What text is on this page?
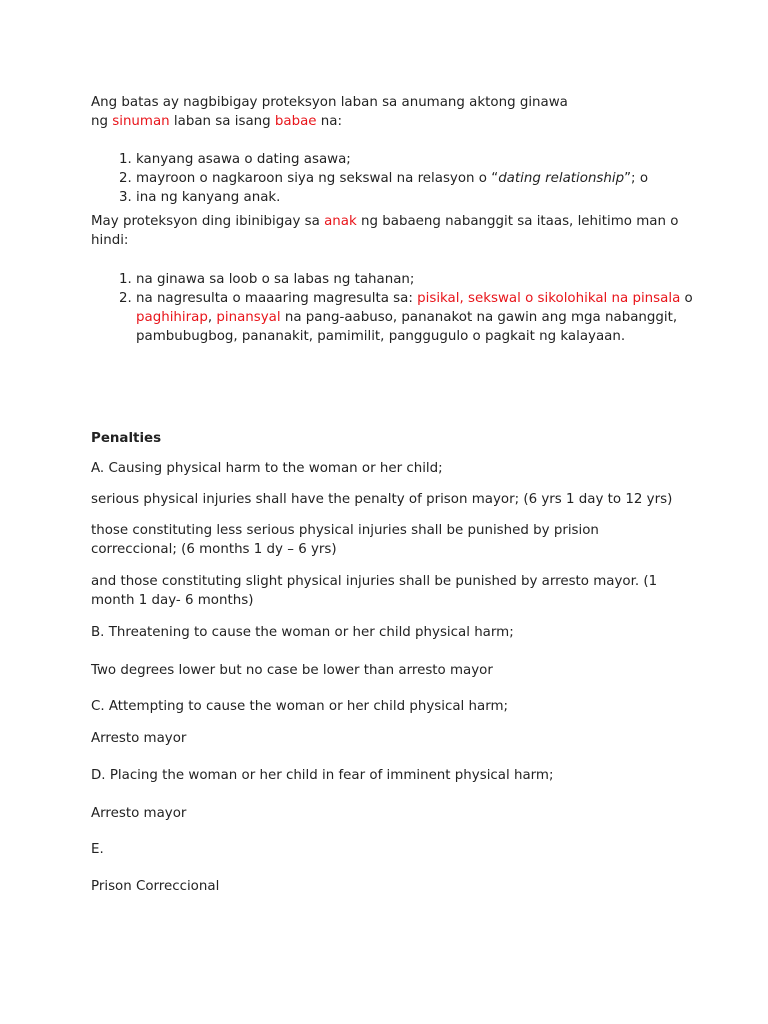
Ang batas ay nagbibigay proteksyon laban sa anumang aktong ginawa
ng sinuman laban sa isang babae na:

1. kanyang asawa o dating asawa;
2. mayroon o nagkaroon siya ng sekswal na relasyon o “dating relationship”; o
3. ina ng kanyang anak.

May proteksyon ding ibinibigay sa anak ng babaeng nabanggit sa itaas, lehitimo man o hindi:

1. na ginawa sa loob o sa labas ng tahanan;
2. na nagresulta o maaaring magresulta sa: pisikal, sekswal o sikolohikal na pinsala o paghihirap, pinansyal na pang-aabuso, pananakot na gawin ang mga nabanggit, pambubugbog, pananakit, pamimilit, panggugulo o pagkait ng kalayaan.

Penalties

A. Causing physical harm to the woman or her child;

serious physical injuries shall have the penalty of prison mayor; (6 yrs 1 day to 12 yrs)

those constituting less serious physical injuries shall be punished by prision correccional; (6 months 1 dy – 6 yrs)

and those constituting slight physical injuries shall be punished by arresto mayor. (1 month 1 day- 6 months)

B. Threatening to cause the woman or her child physical harm;

Two degrees lower but no case be lower than arresto mayor

C. Attempting to cause the woman or her child physical harm;

Arresto mayor

D. Placing the woman or her child in fear of imminent physical harm;

Arresto mayor

E.

Prison Correccional
